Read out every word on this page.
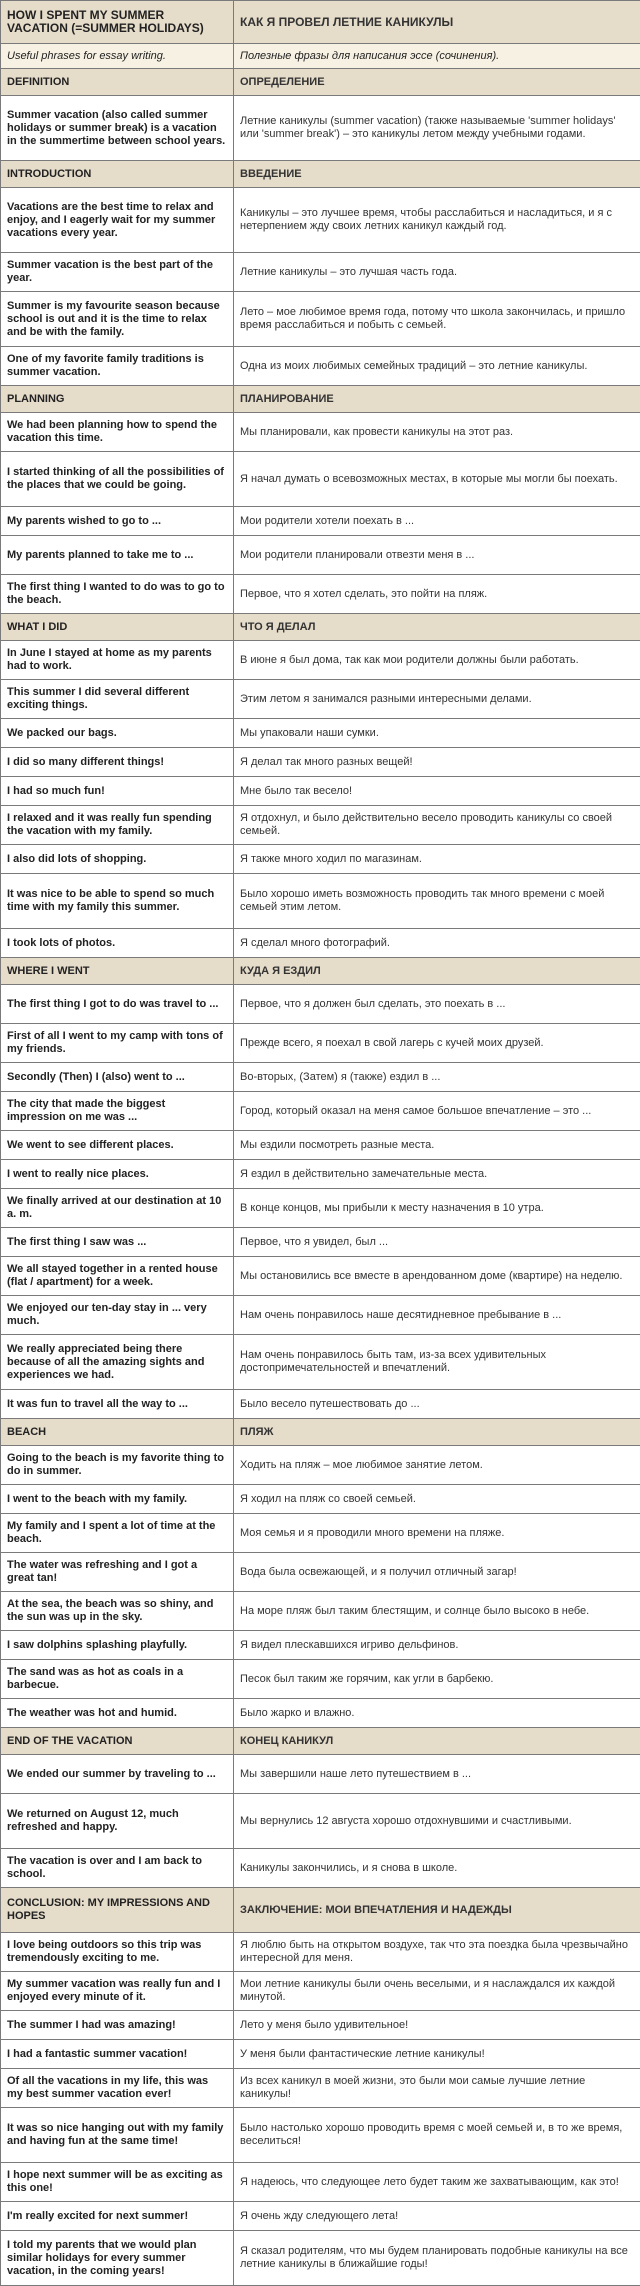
HOW I SPENT MY SUMMER VACATION (=SUMMER HOLIDAYS)	КАК Я ПРОВЕЛ ЛЕТНИЕ КАНИКУЛЫ
Useful phrases for essay writing.	Полезные фразы для написания эссе (сочинения).
DEFINITION	ОПРЕДЕЛЕНИЕ
Summer vacation (also called summer holidays or summer break) is a vacation in the summertime between school years.	Летние каникулы (summer vacation) (также называемые 'summer holidays' или 'summer break') – это каникулы летом между учебными годами.
INTRODUCTION	ВВЕДЕНИЕ
Vacations are the best time to relax and enjoy, and I eagerly wait for my summer vacations every year.	Каникулы – это лучшее время, чтобы расслабиться и насладиться, и я с нетерпением жду своих летних каникул каждый год.
Summer vacation is the best part of the year.	Летние каникулы – это лучшая часть года.
Summer is my favourite season because school is out and it is the time to relax and be with the family.	Лето – мое любимое время года, потому что школа закончилась, и пришло время расслабиться и побыть с семьей.
One of my favorite family traditions is summer vacation.	Одна из моих любимых семейных традиций – это летние каникулы.
PLANNING	ПЛАНИРОВАНИЕ
We had been planning how to spend the vacation this time.	Мы планировали, как провести каникулы на этот раз.
I started thinking of all the possibilities of the places that we could be going.	Я начал думать о всевозможных местах, в которые мы могли бы поехать.
My parents wished to go to ...	Мои родители хотели поехать в ...
My parents planned to take me to ...	Мои родители планировали отвезти меня в ...
The first thing I wanted to do was to go to the beach.	Первое, что я хотел сделать, это пойти на пляж.
WHAT I DID	ЧТО Я ДЕЛАЛ
In June I stayed at home as my parents had to work.	В июне я был дома, так как мои родители должны были работать.
This summer I did several different exciting things.	Этим летом я занимался разными интересными делами.
We packed our bags.	Мы упаковали наши сумки.
I did so many different things!	Я делал так много разных вещей!
I had so much fun!	Мне было так весело!
I relaxed and it was really fun spending the vacation with my family.	Я отдохнул, и было действительно весело проводить каникулы со своей семьей.
I also did lots of shopping.	Я также много ходил по магазинам.
It was nice to be able to spend so much time with my family this summer.	Было хорошо иметь возможность проводить так много времени с моей семьей этим летом.
I took lots of photos.	Я сделал много фотографий.
WHERE I WENT	КУДА Я ЕЗДИЛ
The first thing I got to do was travel to ...	Первое, что я должен был сделать, это поехать в ...
First of all I went to my camp with tons of my friends.	Прежде всего, я поехал в свой лагерь с кучей моих друзей.
Secondly (Then) I (also) went to ...	Во-вторых, (Затем) я (также) ездил в ...
The city that made the biggest impression on me was ...	Город, который оказал на меня самое большое впечатление – это ...
We went to see different places.	Мы ездили посмотреть разные места.
I went to really nice places.	Я ездил в действительно замечательные места.
We finally arrived at our destination at 10 a. m.	В конце концов, мы прибыли к месту назначения в 10 утра.
The first thing I saw was ...	Первое, что я увидел, был ...
We all stayed together in a rented house (flat / apartment) for a week.	Мы остановились все вместе в арендованном доме (квартире) на неделю.
We enjoyed our ten-day stay in ... very much.	Нам очень понравилось наше десятидневное пребывание в ...
We really appreciated being there because of all the amazing sights and experiences we had.	Нам очень понравилось быть там, из-за всех удивительных достопримечательностей и впечатлений.
It was fun to travel all the way to ...	Было весело путешествовать до ...
BEACH	ПЛЯЖ
Going to the beach is my favorite thing to do in summer.	Ходить на пляж – мое любимое занятие летом.
I went to the beach with my family.	Я ходил на пляж со своей семьей.
My family and I spent a lot of time at the beach.	Моя семья и я проводили много времени на пляже.
The water was refreshing and I got a great tan!	Вода была освежающей, и я получил отличный загар!
At the sea, the beach was so shiny, and the sun was up in the sky.	На море пляж был таким блестящим, и солнце было высоко в небе.
I saw dolphins splashing playfully.	Я видел плескавшихся игриво дельфинов.
The sand was as hot as coals in a barbecue.	Песок был таким же горячим, как угли в барбекю.
The weather was hot and humid.	Было жарко и влажно.
END OF THE VACATION	КОНЕЦ КАНИКУЛ
We ended our summer by traveling to ...	Мы завершили наше лето путешествием в ...
We returned on August 12, much refreshed and happy.	Мы вернулись 12 августа хорошо отдохнувшими и счастливыми.
The vacation is over and I am back to school.	Каникулы закончились, и я снова в школе.
CONCLUSION: MY IMPRESSIONS AND HOPES	ЗАКЛЮЧЕНИЕ: МОИ ВПЕЧАТЛЕНИЯ И НАДЕЖДЫ
I love being outdoors so this trip was tremendously exciting to me.	Я люблю быть на открытом воздухе, так что эта поездка была чрезвычайно интересной для меня.
My summer vacation was really fun and I enjoyed every minute of it.	Мои летние каникулы были очень веселыми, и я наслаждался их каждой минутой.
The summer I had was amazing!	Лето у меня было удивительное!
I had a fantastic summer vacation!	У меня были фантастические летние каникулы!
Of all the vacations in my life, this was my best summer vacation ever!	Из всех каникул в моей жизни, это были мои самые лучшие летние каникулы!
It was so nice hanging out with my family and having fun at the same time!	Было настолько хорошо проводить время с моей семьей и, в то же время, веселиться!
I hope next summer will be as exciting as this one!	Я надеюсь, что следующее лето будет таким же захватывающим, как это!
I'm really excited for next summer!	Я очень жду следующего лета!
I told my parents that we would plan similar holidays for every summer vacation, in the coming years!	Я сказал родителям, что мы будем планировать подобные каникулы на все летние каникулы в ближайшие годы!
